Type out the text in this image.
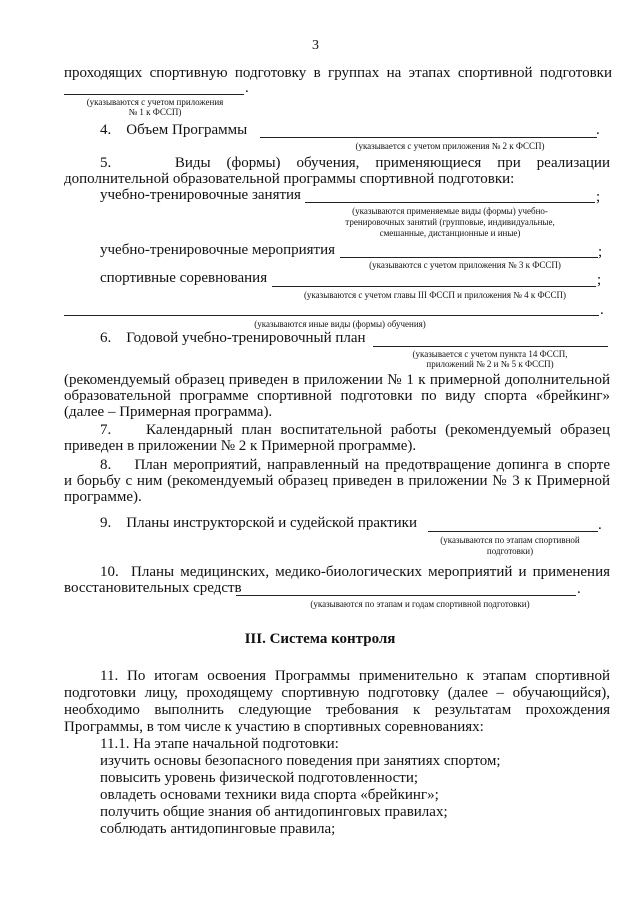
3
проходящих спортивную подготовку в группах на этапах спортивной подготовки
.
(указываются с учетом приложения
№ 1 к ФССП)
4.    Объем Программы	.
(указывается с учетом приложения № 2 к ФССП)
5.    Виды (формы) обучения, применяющиеся при реализации
дополнительной образовательной программы спортивной подготовки:
учебно-тренировочные занятия	;
(указываются применяемые виды (формы) учебно-
тренировочных занятий (групповые, индивидуальные,
смешанные, дистанционные и иные)
учебно-тренировочные мероприятия	;
(указываются с учетом приложения № 3 к ФССП)
спортивные соревнования	;
(указываются с учетом главы III ФССП и приложения № 4 к ФССП)
.
(указываются иные виды (формы) обучения)
6.    Годовой учебно-тренировочный план
(указывается с учетом пункта 14 ФССП,
приложений № 2 и № 5 к ФССП)
(рекомендуемый образец приведен в приложении № 1 к примерной дополнительной
образовательной программе спортивной подготовки по виду спорта «брейкинг»
(далее – Примерная программа).
7.    Календарный план воспитательной работы (рекомендуемый образец
приведен в приложении № 2 к Примерной программе).
8.    План мероприятий, направленный на предотвращение допинга в спорте
и борьбу с ним (рекомендуемый образец приведен в приложении № 3 к Примерной
программе).
9.    Планы инструкторской и судейской практики	.
(указываются по этапам спортивной
подготовки)
10.  Планы медицинских, медико-биологических мероприятий и применения
восстановительных средств	.
(указываются по этапам и годам спортивной подготовки)
III. Система контроля
11. По итогам освоения Программы применительно к этапам спортивной
подготовки лицу, проходящему спортивную подготовку (далее – обучающийся),
необходимо выполнить следующие требования к результатам прохождения
Программы, в том числе к участию в спортивных соревнованиях:
11.1. На этапе начальной подготовки:
изучить основы безопасного поведения при занятиях спортом;
повысить уровень физической подготовленности;
овладеть основами техники вида спорта «брейкинг»;
получить общие знания об антидопинговых правилах;
соблюдать антидопинговые правила;
